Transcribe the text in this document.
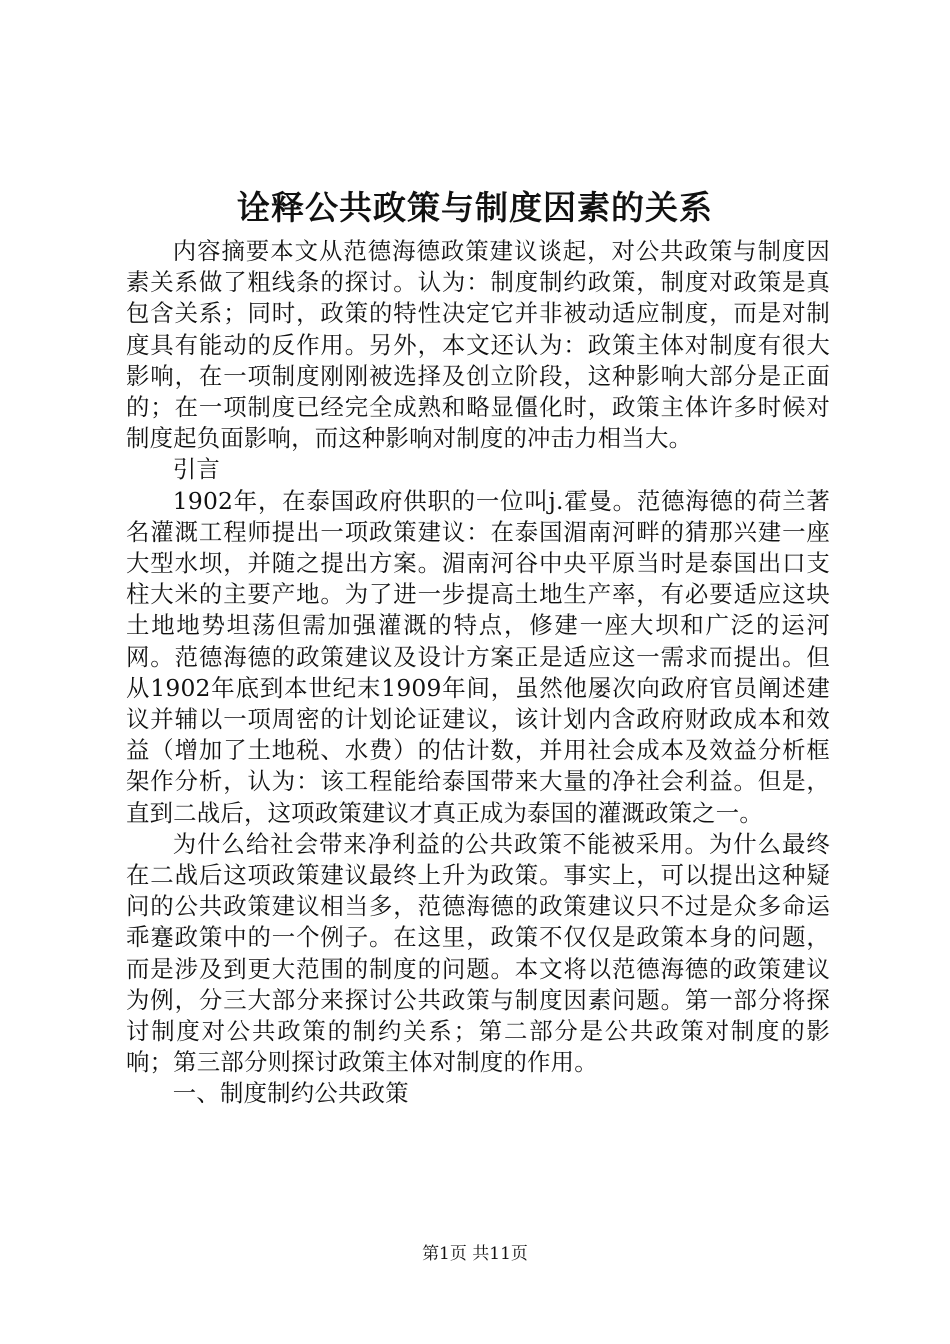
诠释公共政策与制度因素的关系

内容摘要本文从范德海德政策建议谈起，对公共政策与制度因素关系做了粗线条的探讨。认为：制度制约政策，制度对政策是真包含关系；同时，政策的特性决定它并非被动适应制度，而是对制度具有能动的反作用。另外，本文还认为：政策主体对制度有很大影响，在一项制度刚刚被选择及创立阶段，这种影响大部分是正面的；在一项制度已经完全成熟和略显僵化时，政策主体许多时候对制度起负面影响，而这种影响对制度的冲击力相当大。

引言

1902年，在泰国政府供职的一位叫j.霍曼。范德海德的荷兰著名灌溉工程师提出一项政策建议：在泰国湄南河畔的猜那兴建一座大型水坝，并随之提出方案。湄南河谷中央平原当时是泰国出口支柱大米的主要产地。为了进一步提高土地生产率，有必要适应这块土地地势坦荡但需加强灌溉的特点，修建一座大坝和广泛的运河网。范德海德的政策建议及设计方案正是适应这一需求而提出。但从1902年底到本世纪末1909年间，虽然他屡次向政府官员阐述建议并辅以一项周密的计划论证建议，该计划内含政府财政成本和效益（增加了土地税、水费）的估计数，并用社会成本及效益分析框架作分析，认为：该工程能给泰国带来大量的净社会利益。但是，直到二战后，这项政策建议才真正成为泰国的灌溉政策之一。

为什么给社会带来净利益的公共政策不能被采用。为什么最终在二战后这项政策建议最终上升为政策。事实上，可以提出这种疑问的公共政策建议相当多，范德海德的政策建议只不过是众多命运乖蹇政策中的一个例子。在这里，政策不仅仅是政策本身的问题，而是涉及到更大范围的制度的问题。本文将以范德海德的政策建议为例，分三大部分来探讨公共政策与制度因素问题。第一部分将探讨制度对公共政策的制约关系；第二部分是公共政策对制度的影响；第三部分则探讨政策主体对制度的作用。

一、制度制约公共政策

第1页 共11页
